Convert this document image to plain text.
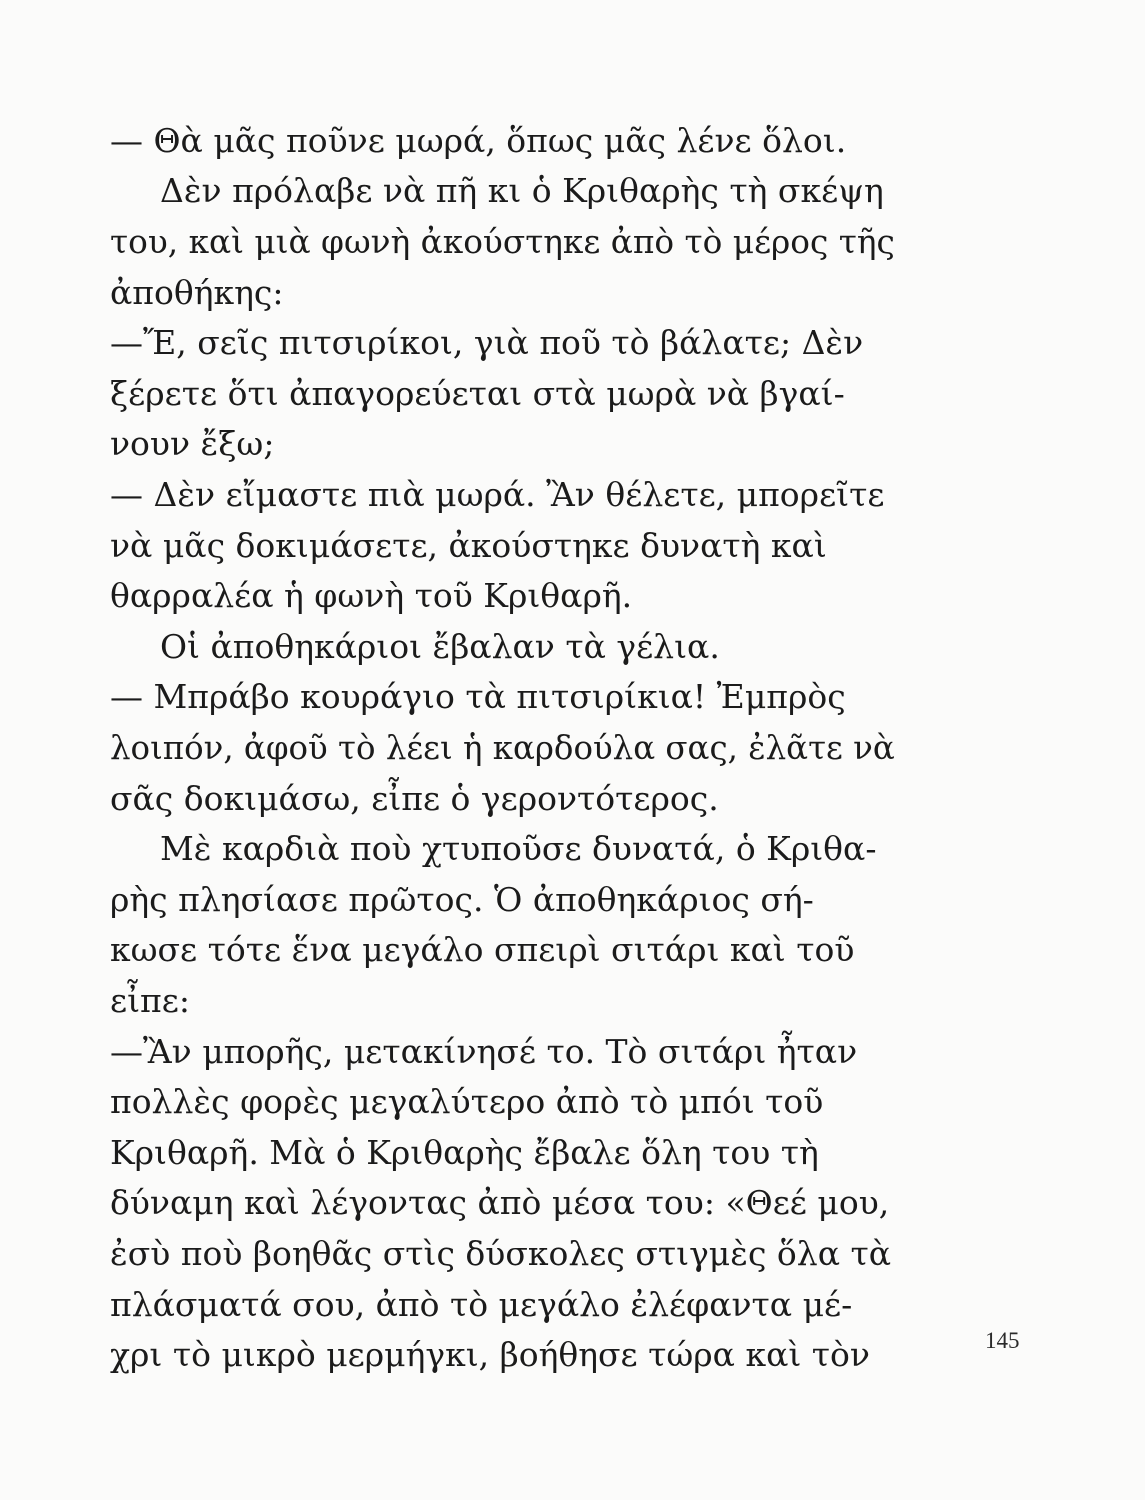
— Θὰ μᾶς ποῦνε μωρά, ὅπως μᾶς λένε ὅλοι.
Δὲν πρόλαβε νὰ πῆ κι ὁ Κριθαρὴς τὴ σκέψη
του, καὶ μιὰ φωνὴ ἀκούστηκε ἀπὸ τὸ μέρος τῆς
ἀποθήκης:
—Ἔ, σεῖς πιτσιρίκοι, γιὰ ποῦ τὸ βάλατε; Δὲν
ξέρετε ὅτι ἀπαγορεύεται στὰ μωρὰ νὰ βγαί-
νουν ἔξω;
— Δὲν εἴμαστε πιὰ μωρά. Ἂν θέλετε, μπορεῖτε
νὰ μᾶς δοκιμάσετε, ἀκούστηκε δυνατὴ καὶ
θαρραλέα ἡ φωνὴ τοῦ Κριθαρῆ.
Οἱ ἀποθηκάριοι ἔβαλαν τὰ γέλια.
— Μπράβο κουράγιο τὰ πιτσιρίκια! Ἐμπρὸς
λοιπόν, ἀφοῦ τὸ λέει ἡ καρδούλα σας, ἐλᾶτε νὰ
σᾶς δοκιμάσω, εἶπε ὁ γεροντότερος.
Μὲ καρδιὰ ποὺ χτυποῦσε δυνατά, ὁ Κριθα-
ρὴς πλησίασε πρῶτος. Ὁ ἀποθηκάριος σή-
κωσε τότε ἕνα μεγάλο σπειρὶ σιτάρι καὶ τοῦ
εἶπε:
—Ἂν μπορῆς, μετακίνησέ το. Τὸ σιτάρι ἦταν
πολλὲς φορὲς μεγαλύτερο ἀπὸ τὸ μπόι τοῦ
Κριθαρῆ. Μὰ ὁ Κριθαρὴς ἔβαλε ὅλη του τὴ
δύναμη καὶ λέγοντας ἀπὸ μέσα του: «Θεέ μου,
ἐσὺ ποὺ βοηθᾶς στὶς δύσκολες στιγμὲς ὅλα τὰ
πλάσματά σου, ἀπὸ τὸ μεγάλο ἐλέφαντα μέ-
χρι τὸ μικρὸ μερμήγκι, βοήθησε τώρα καὶ τὸν	145
